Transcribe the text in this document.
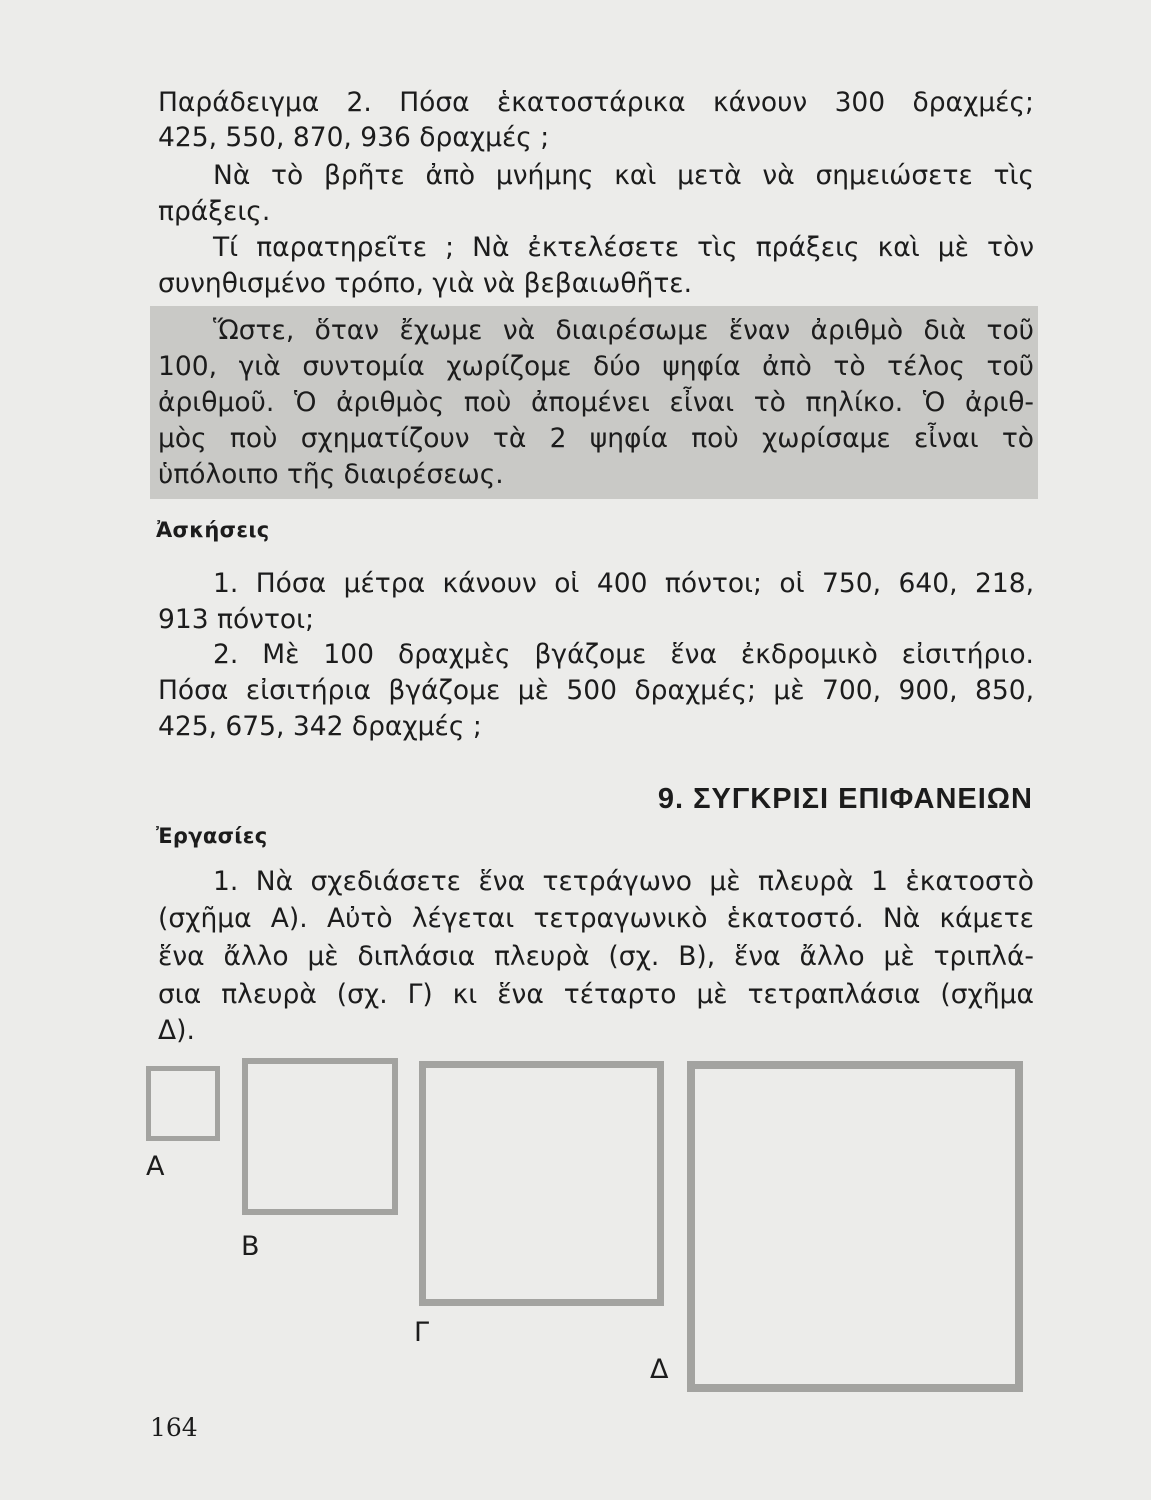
Παράδειγμα 2. Πόσα ἑκατοστάρικα κάνουν 300 δραχμές;
425, 550, 870, 936 δραχμές ;
Νὰ τὸ βρῆτε ἀπὸ μνήμης καὶ μετὰ νὰ σημειώσετε τὶς
πράξεις.
Τί παρατηρεῖτε ; Νὰ ἐκτελέσετε τὶς πράξεις καὶ μὲ τὸν
συνηθισμένο τρόπο, γιὰ νὰ βεβαιωθῆτε.
Ὥστε, ὅταν ἔχωμε νὰ διαιρέσωμε ἕναν ἀριθμὸ διὰ τοῦ
100, γιὰ συντομία χωρίζομε δύο ψηφία ἀπὸ τὸ τέλος τοῦ
ἀριθμοῦ. Ὁ ἀριθμὸς ποὺ ἀπομένει εἶναι τὸ πηλίκο. Ὁ ἀριθ-
μὸς ποὺ σχηματίζουν τὰ 2 ψηφία ποὺ χωρίσαμε εἶναι τὸ
ὑπόλοιπο τῆς διαιρέσεως.
Ἀσκήσεις
1. Πόσα μέτρα κάνουν οἱ 400 πόντοι; οἱ 750, 640, 218,
913 πόντοι;
2. Μὲ 100 δραχμὲς βγάζομε ἕνα ἐκδρομικὸ εἰσιτήριο.
Πόσα εἰσιτήρια βγάζομε μὲ 500 δραχμές; μὲ 700, 900, 850,
425, 675, 342 δραχμές ;
9. ΣΥΓΚΡΙΣΙ ΕΠΙΦΑΝΕΙΩΝ
Ἐργασίες
1. Νὰ σχεδιάσετε ἕνα τετράγωνο μὲ πλευρὰ 1 ἑκατοστὸ
(σχῆμα Α). Αὐτὸ λέγεται τετραγωνικὸ ἑκατοστό. Νὰ κάμετε
ἕνα ἄλλο μὲ διπλάσια πλευρὰ (σχ. Β), ἕνα ἄλλο μὲ τριπλά-
σια πλευρὰ (σχ. Γ) κι ἕνα τέταρτο μὲ τετραπλάσια (σχῆμα
Δ).
Α
Β
Γ
Δ
164
